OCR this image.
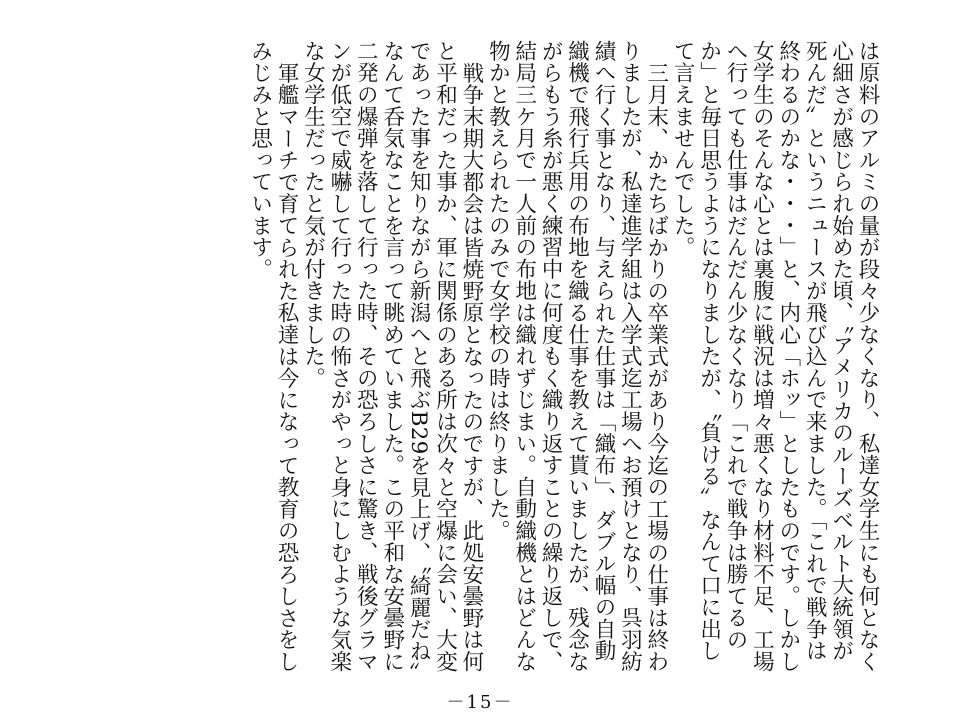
は原料のアルミの量が段々少なくなり、私達女学生にも何となく心細さが感じられ始めた頃、〝アメリカのルーズベルト大統領が死んだ〟というニュースが飛び込んで来ました。「これで戦争は終わるのかな・・・」と、内心「ホッ」としたものです。しかし女学生のそんな心とは裏腹に戦況は増々悪くなり材料不足、工場へ行っても仕事はだんだん少なくなり「これで戦争は勝てるのか」と毎日思うようになりましたが、〝負ける〟なんて口に出して言えませんでした。

三月末、かたちばかりの卒業式があり今迄の工場の仕事は終わりましたが、私達進学組は入学式迄工場へお預けとなり、呉羽紡績へ行く事となり、与えられた仕事は「織布」、ダブル幅の自動織機で飛行兵用の布地を織る仕事を教えて貰いましたが、残念ながらもう糸が悪く練習中に何度もく織り返すことの繰り返しで、結局三ケ月で一人前の布地は織れずじまい。自動織機とはどんな物かと教えられたのみで女学校の時は終りました。

戦争末期大都会は皆焼野原となったのですが、此処安曇野は何と平和だった事か、軍に関係のある所は次々と空爆に会い、大変であった事を知りながら新潟へと飛ぶB29を見上げ、〝綺麗だね〟なんて呑気なことを言って眺めていました。この平和な安曇野に二発の爆弾を落して行った時、その恐ろしさに驚き、戦後グラマンが低空で威嚇して行った時の怖さがやっと身にしむような気楽な女学生だったと気が付きました。

軍艦マーチで育てられた私達は今になって教育の恐ろしさをしみじみと思っています。

－15－
